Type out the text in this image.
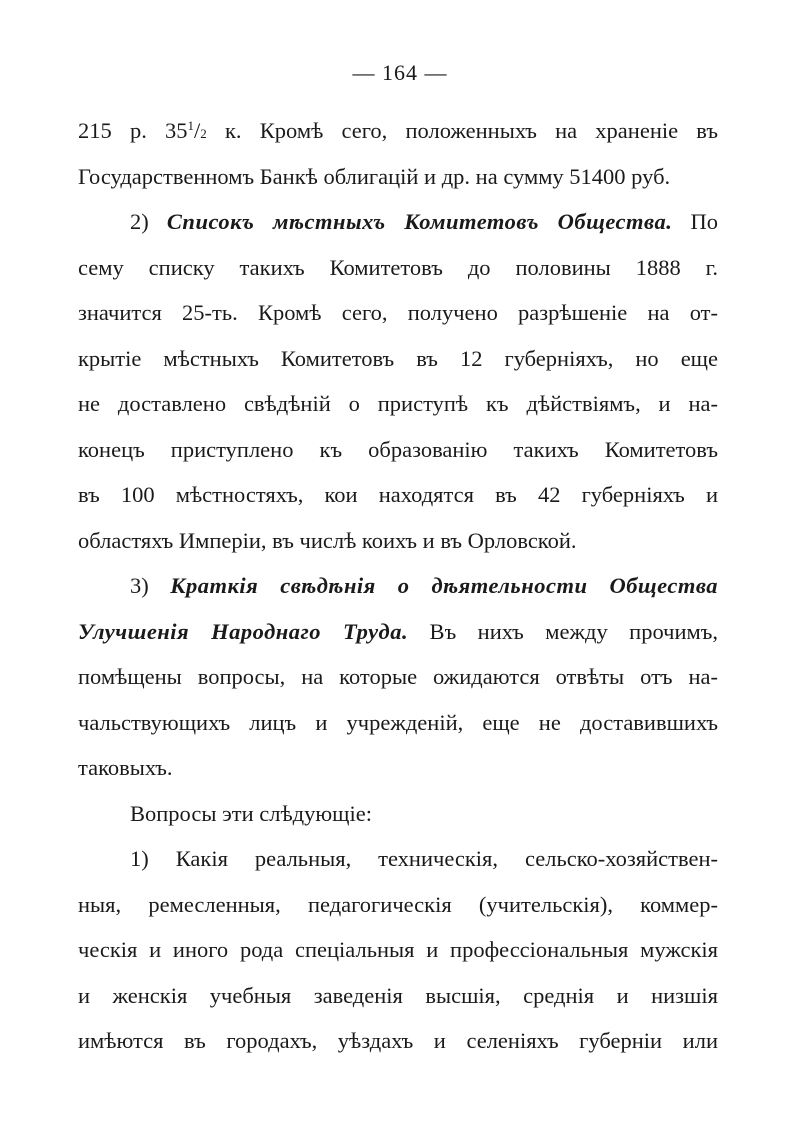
— 164 —
215 р. $35^1/2$ к. Кромѣ сего, положенныхъ на храненіе въ
Государственномъ Банкѣ облигацій и др. на сумму 51400 руб.
2) Списокъ мѣстныхъ Комитетовъ Общества. По
сему списку такихъ Комитетовъ до половины 1888 г.
значится 25-ть. Кромѣ сего, получено разрѣшеніе на от-
крытіе мѣстныхъ Комитетовъ въ 12 губерніяхъ, но еще
не доставлено свѣдѣній о приступѣ къ дѣйствіямъ, и на-
конецъ приступлено къ образованію такихъ Комитетовъ
въ 100 мѣстностяхъ, кои находятся въ 42 губерніяхъ и
областяхъ Имперіи, въ числѣ коихъ и въ Орловской.
3) Краткія свѣдѣнія о дѣятельности Общества
Улучшенія Народнаго Труда. Въ нихъ между прочимъ,
помѣщены вопросы, на которые ожидаются отвѣты отъ на-
чальствующихъ лицъ и учрежденій, еще не доставившихъ
таковыхъ.
Вопросы эти слѣдующіе:
1) Какія реальныя, техническія, сельско-хозяйствен-
ныя, ремесленныя, педагогическія (учительскія), коммер-
ческія и иного рода спеціальныя и профессіональныя мужскія
и женскія учебныя заведенія высшія, среднія и низшія
имѣются въ городахъ, уѣздахъ и селеніяхъ губерніи или
